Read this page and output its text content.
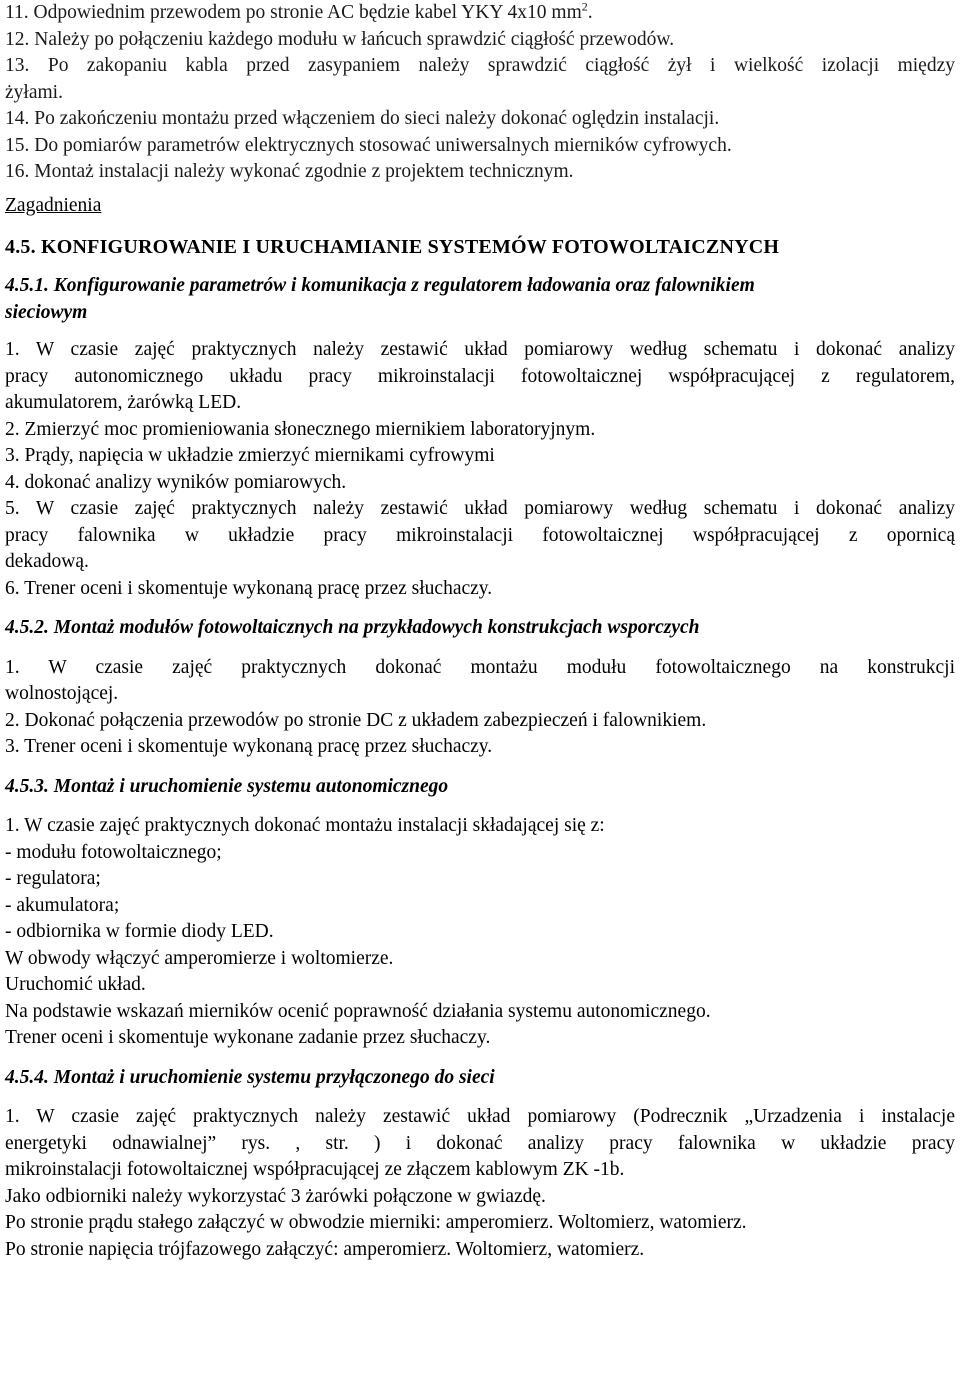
11. Odpowiednim przewodem po stronie AC będzie kabel YKY 4x10 $mm^2$.
12. Należy po połączeniu każdego modułu w łańcuch sprawdzić ciągłość przewodów.
13. Po zakopaniu kabla przed zasypaniem należy sprawdzić ciągłość żył i wielkość izolacji między
żyłami.
14. Po zakończeniu montażu przed włączeniem do sieci należy dokonać oględzin instalacji.
15. Do pomiarów parametrów elektrycznych stosować uniwersalnych mierników cyfrowych.
16. Montaż instalacji należy wykonać zgodnie z projektem technicznym.
Zagadnienia
4.5. KONFIGUROWANIE I URUCHAMIANIE SYSTEMÓW FOTOWOLTAICZNYCH
4.5.1. Konfigurowanie parametrów i komunikacja z regulatorem ładowania oraz falownikiem
sieciowym
1. W czasie zajęć praktycznych należy zestawić układ pomiarowy według schematu i dokonać analizy
pracy autonomicznego układu pracy mikroinstalacji fotowoltaicznej współpracującej z regulatorem,
akumulatorem, żarówką LED.
2. Zmierzyć moc promieniowania słonecznego miernikiem laboratoryjnym.
3. Prądy, napięcia w układzie zmierzyć miernikami cyfrowymi
4. dokonać analizy wyników pomiarowych.
5. W czasie zajęć praktycznych należy zestawić układ pomiarowy według schematu i dokonać analizy
pracy falownika w układzie pracy mikroinstalacji fotowoltaicznej współpracującej z opornicą
dekadową.
6. Trener oceni i skomentuje wykonaną pracę przez słuchaczy.
4.5.2. Montaż modułów fotowoltaicznych na przykładowych konstrukcjach wsporczych
1. W czasie zajęć praktycznych dokonać montażu modułu fotowoltaicznego na konstrukcji
wolnostojącej.
2. Dokonać połączenia przewodów po stronie DC z układem zabezpieczeń i falownikiem.
3. Trener oceni i skomentuje wykonaną pracę przez słuchaczy.
4.5.3. Montaż i uruchomienie systemu autonomicznego
1. W czasie zajęć praktycznych dokonać montażu instalacji składającej się z:
- modułu fotowoltaicznego;
- regulatora;
- akumulatora;
- odbiornika w formie diody LED.
W obwody włączyć amperomierze i woltomierze.
Uruchomić układ.
Na podstawie wskazań mierników ocenić poprawność działania systemu autonomicznego.
Trener oceni i skomentuje wykonane zadanie przez słuchaczy.
4.5.4. Montaż i uruchomienie systemu przyłączonego do sieci
1. W czasie zajęć praktycznych należy zestawić układ pomiarowy (Podrecznik „Urzadzenia i instalacje
energetyki odnawialnej” rys. , str. ) i dokonać analizy pracy falownika w układzie pracy
mikroinstalacji fotowoltaicznej współpracującej ze złączem kablowym ZK -1b.
Jako odbiorniki należy wykorzystać 3 żarówki połączone w gwiazdę.
Po stronie prądu stałego załączyć w obwodzie mierniki: amperomierz. Woltomierz, watomierz.
Po stronie napięcia trójfazowego załączyć: amperomierz. Woltomierz, watomierz.
